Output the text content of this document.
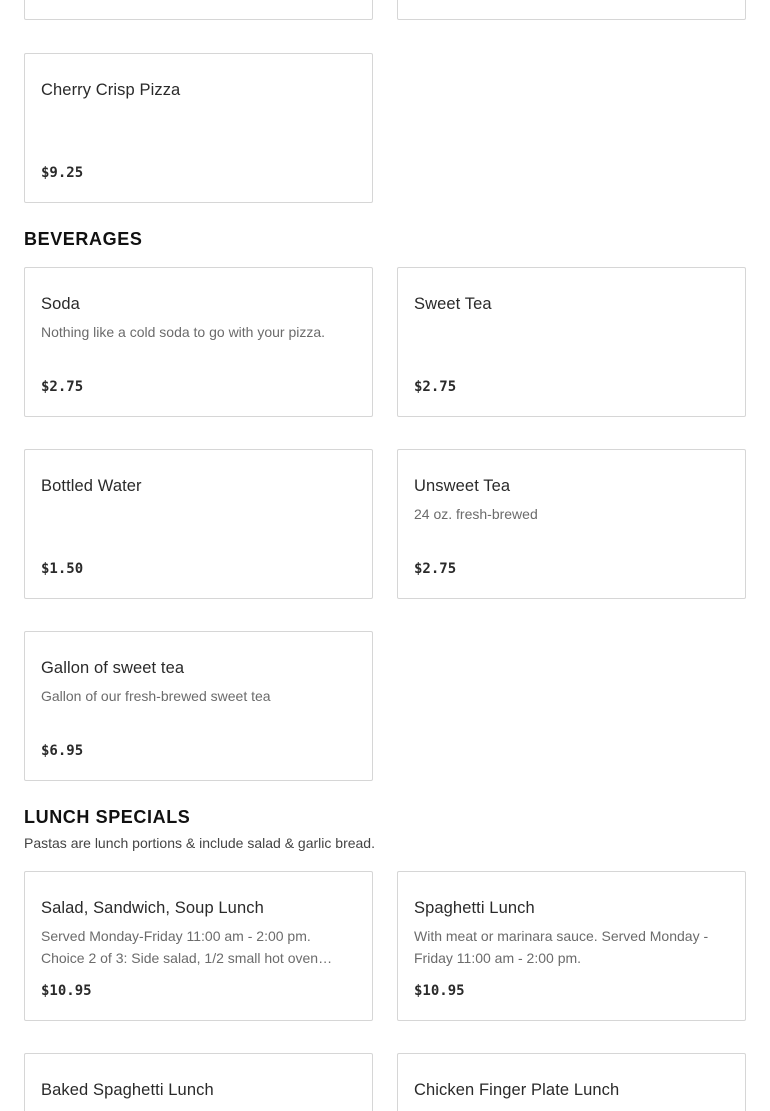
Cherry Crisp Pizza
$9.25
BEVERAGES
Soda
Nothing like a cold soda to go with your pizza.
$2.75
Sweet Tea
$2.75
Bottled Water
$1.50
Unsweet Tea
24 oz. fresh-brewed
$2.75
Gallon of sweet tea
Gallon of our fresh-brewed sweet tea
$6.95
LUNCH SPECIALS
Pastas are lunch portions & include salad & garlic bread.
Salad, Sandwich, Soup Lunch
Served Monday-Friday 11:00 am - 2:00 pm. Choice 2 of 3: Side salad, 1/2 small hot oven
$10.95
Spaghetti Lunch
With meat or marinara sauce. Served Monday - Friday 11:00 am - 2:00 pm.
$10.95
Baked Spaghetti Lunch	Chicken Finger Plate Lunch
